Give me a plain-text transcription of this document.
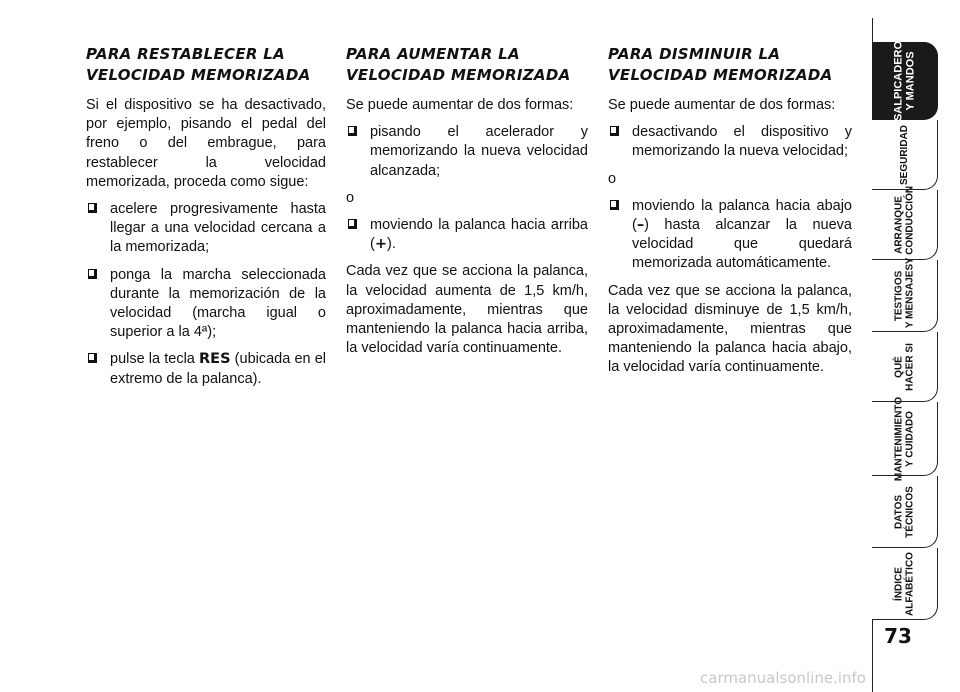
PARA RESTABLECER LA
VELOCIDAD MEMORIZADA

Si el dispositivo se ha desactivado, por ejemplo, pisando el pedal del freno o del embrague, para restablecer la velocidad memorizada, proceda como sigue:

acelere progresivamente hasta llegar a una velocidad cercana a la memorizada;
ponga la marcha seleccionada durante la memorización de la velocidad (marcha igual o superior a la 4ª);
pulse la tecla RES (ubicada en el extremo de la palanca).
PARA AUMENTAR LA
VELOCIDAD MEMORIZADA

Se puede aumentar de dos formas:

pisando el acelerador y memorizando la nueva velocidad alcanzada;
o
moviendo la palanca hacia arriba (+).

Cada vez que se acciona la palanca, la velocidad aumenta de 1,5 km/h, aproximadamente, mientras que manteniendo la palanca hacia arriba, la velocidad varía continuamente.

PARA DISMINUIR LA
VELOCIDAD MEMORIZADA

Se puede aumentar de dos formas:

desactivando el dispositivo y memorizando la nueva velocidad;
o
moviendo la palanca hacia abajo (–) hasta alcanzar la nueva velocidad que quedará memorizada automáticamente.

Cada vez que se acciona la palanca, la velocidad disminuye de 1,5 km/h, aproximadamente, mientras que manteniendo la palanca hacia abajo, la velocidad varía continuamente.

SALPICADERO
Y MANDOS
SEGURIDAD
ARRANQUE
Y CONDUCCIÓN
TESTIGOS
Y MENSAJES
QUÉ
HACER SI
MANTENIMIENTO
Y CUIDADO
DATOS
TÉCNICOS
ÍNDICE
ALFABÉTICO
73
carmanualsonline.info
